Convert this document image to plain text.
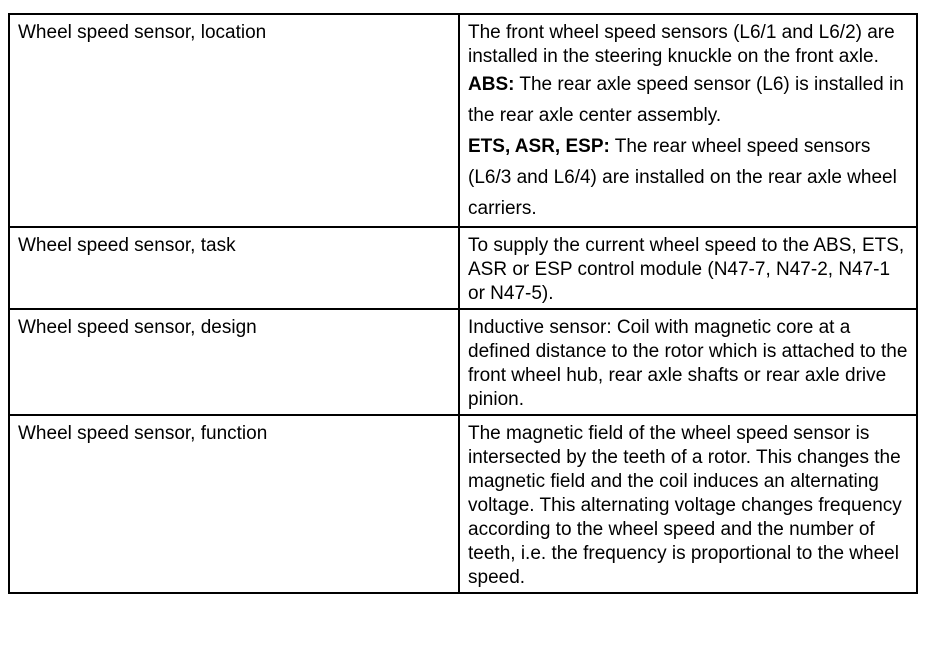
Wheel speed sensor, location	The front wheel speed sensors (L6/1 and L6/2) are installed in the steering knuckle on the front axle.
ABS: The rear axle speed sensor (L6) is installed in the rear axle center assembly.
ETS, ASR, ESP: The rear wheel speed sensors (L6/3 and L6/4) are installed on the rear axle wheel carriers.

Wheel speed sensor, task	To supply the current wheel speed to the ABS, ETS, ASR or ESP control module (N47-7, N47-2, N47-1 or N47-5).

Wheel speed sensor, design	Inductive sensor: Coil with magnetic core at a defined distance to the rotor which is attached to the front wheel hub, rear axle shafts or rear axle drive pinion.

Wheel speed sensor, function	The magnetic field of the wheel speed sensor is intersected by the teeth of a rotor. This changes the magnetic field and the coil induces an alternating voltage. This alternating voltage changes frequency according to the wheel speed and the number of teeth, i.e. the frequency is proportional to the wheel speed.
